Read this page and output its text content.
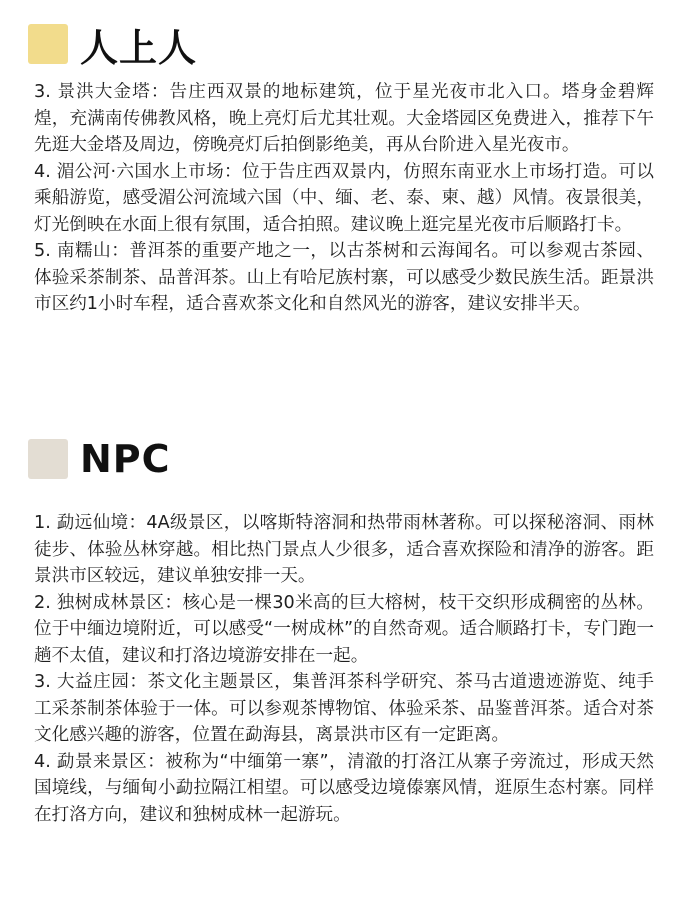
人上人

3. 景洪大金塔：告庄西双景的地标建筑，位于星光夜市北入口。塔身金碧辉煌，充满南传佛教风格，晚上亮灯后尤其壮观。大金塔园区免费进入，推荐下午先逛大金塔及周边，傍晚亮灯后拍倒影绝美，再从台阶进入星光夜市。

4. 湄公河·六国水上市场：位于告庄西双景内，仿照东南亚水上市场打造。可以乘船游览，感受湄公河流域六国（中、缅、老、泰、柬、越）风情。夜景很美，灯光倒映在水面上很有氛围，适合拍照。建议晚上逛完星光夜市后顺路打卡。

5. 南糯山：普洱茶的重要产地之一，以古茶树和云海闻名。可以参观古茶园、体验采茶制茶、品普洱茶。山上有哈尼族村寨，可以感受少数民族生活。距景洪市区约1小时车程，适合喜欢茶文化和自然风光的游客，建议安排半天。

NPC

1. 勐远仙境：4A级景区，以喀斯特溶洞和热带雨林著称。可以探秘溶洞、雨林徒步、体验丛林穿越。相比热门景点人少很多，适合喜欢探险和清净的游客。距景洪市区较远，建议单独安排一天。

2. 独树成林景区：核心是一棵30米高的巨大榕树，枝干交织形成稠密的丛林。位于中缅边境附近，可以感受“一树成林”的自然奇观。适合顺路打卡，专门跑一趟不太值，建议和打洛边境游安排在一起。

3. 大益庄园：茶文化主题景区，集普洱茶科学研究、茶马古道遗迹游览、纯手工采茶制茶体验于一体。可以参观茶博物馆、体验采茶、品鉴普洱茶。适合对茶文化感兴趣的游客，位置在勐海县，离景洪市区有一定距离。

4. 勐景来景区：被称为“中缅第一寨”，清澈的打洛江从寨子旁流过，形成天然国境线，与缅甸小勐拉隔江相望。可以感受边境傣寨风情，逛原生态村寨。同样在打洛方向，建议和独树成林一起游玩。
